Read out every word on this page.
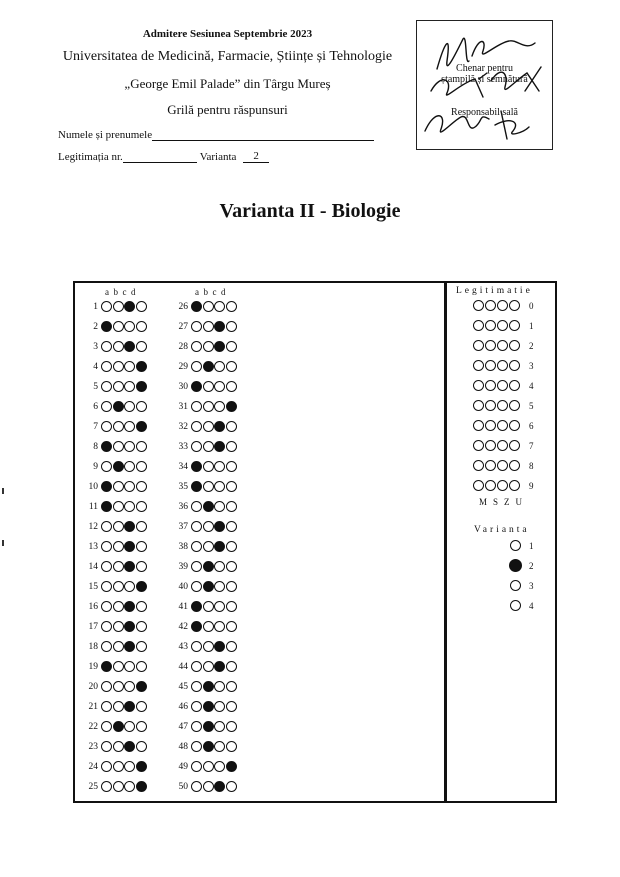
Admitere Sesiunea Septembrie 2023
Universitatea de Medicină, Farmacie, Științe și Tehnologie
„George Emil Palade” din Târgu Mureș
Grilă pentru răspunsuri
Numele și prenumele
Legitimația nr.	Varianta 2
Chenar pentru
ștampilă și semnătură
Responsabil sală
Varianta II - Biologie
abcd	abcd
1
2
3
4
5
6
7
8
9
10
11
12
13
14
15
16
17
18
19
20
21
22
23
24
25
26
27
28
29
30
31
32
33
34
35
36
37
38
39
40
41
42
43
44
45
46
47
48
49
50
Legitimatie
0
1
2
3
4
5
6
7
8
9
MSZU
Varianta
1
2
3
4
